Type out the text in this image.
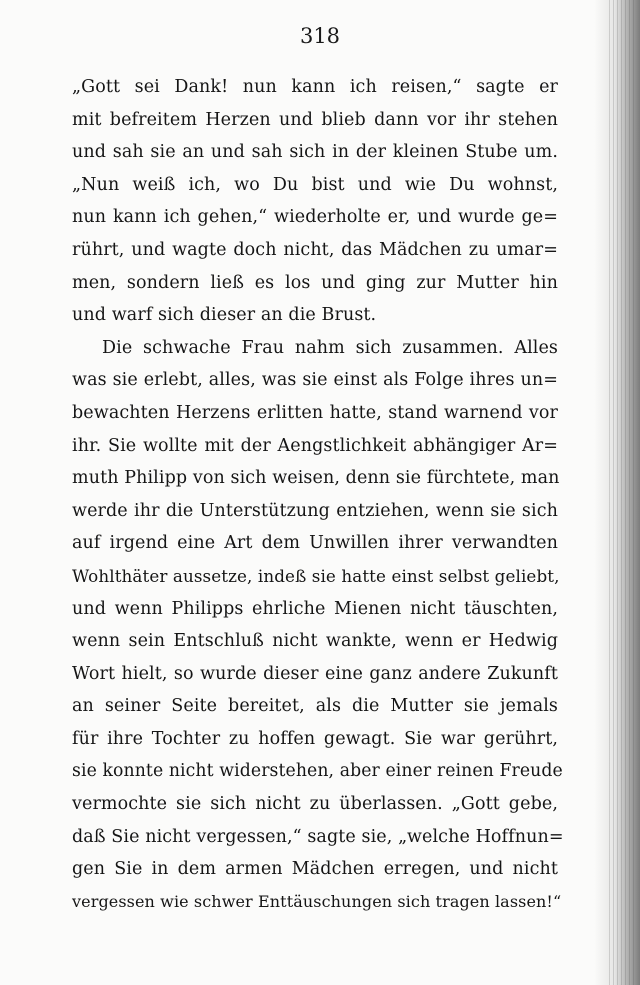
318
„Gott sei Dank! nun kann ich reisen,“ sagte er
mit befreitem Herzen und blieb dann vor ihr stehen
und sah sie an und sah sich in der kleinen Stube um.
„Nun weiß ich, wo Du bist und wie Du wohnst,
nun kann ich gehen,“ wiederholte er, und wurde ge=
rührt, und wagte doch nicht, das Mädchen zu umar=
men, sondern ließ es los und ging zur Mutter hin
und warf sich dieser an die Brust.
Die schwache Frau nahm sich zusammen. Alles
was sie erlebt, alles, was sie einst als Folge ihres un=
bewachten Herzens erlitten hatte, stand warnend vor
ihr. Sie wollte mit der Aengstlichkeit abhängiger Ar=
muth Philipp von sich weisen, denn sie fürchtete, man
werde ihr die Unterstützung entziehen, wenn sie sich
auf irgend eine Art dem Unwillen ihrer verwandten
Wohlthäter aussetze, indeß sie hatte einst selbst geliebt,
und wenn Philipps ehrliche Mienen nicht täuschten,
wenn sein Entschluß nicht wankte, wenn er Hedwig
Wort hielt, so wurde dieser eine ganz andere Zukunft
an seiner Seite bereitet, als die Mutter sie jemals
für ihre Tochter zu hoffen gewagt. Sie war gerührt,
sie konnte nicht widerstehen, aber einer reinen Freude
vermochte sie sich nicht zu überlassen. „Gott gebe,
daß Sie nicht vergessen,“ sagte sie, „welche Hoffnun=
gen Sie in dem armen Mädchen erregen, und nicht
vergessen wie schwer Enttäuschungen sich tragen lassen!“
